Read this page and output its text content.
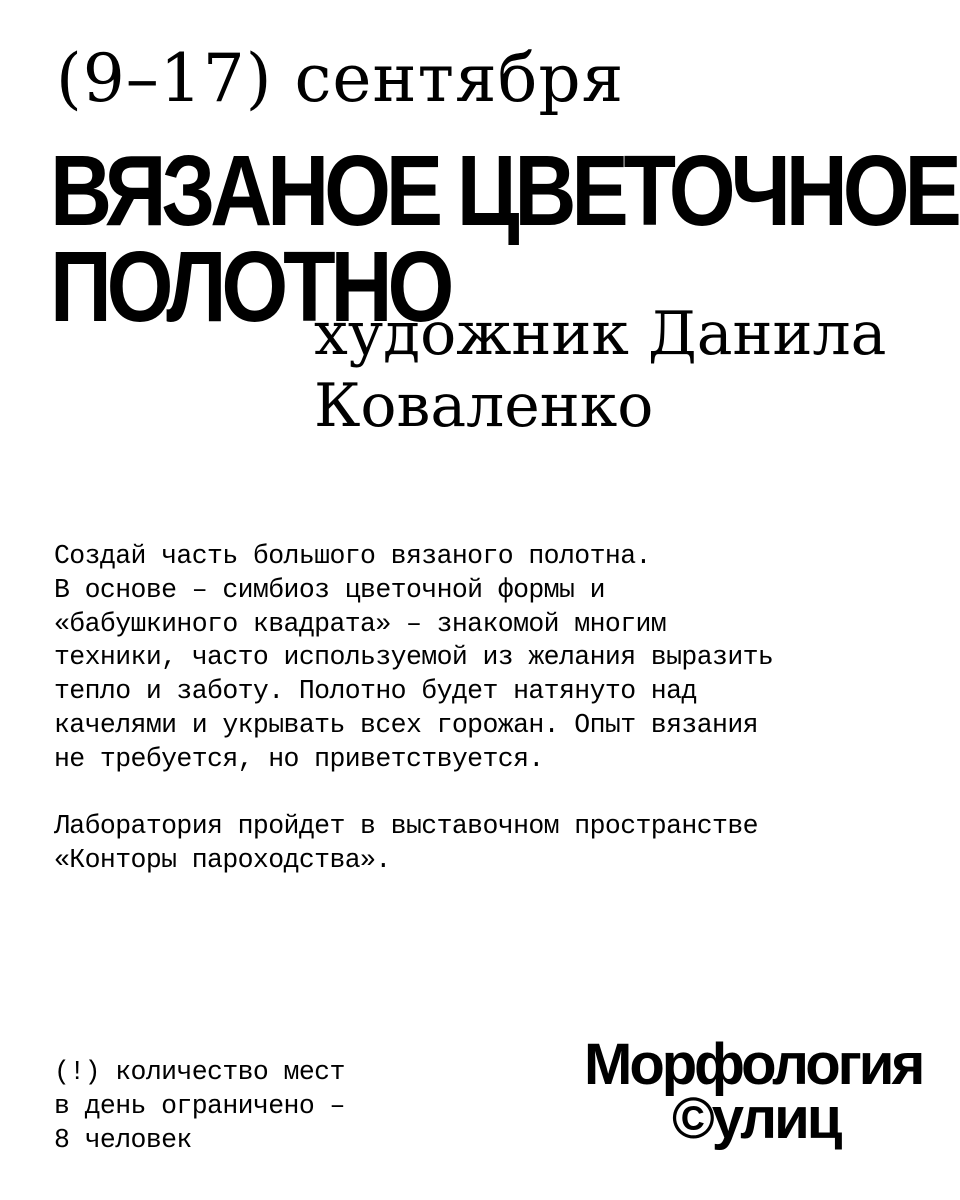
(9–17) сентября
ВЯЗАНОЕ ЦВЕТОЧНОЕ
ПОЛОТНО
художник Данила
Коваленко
Создай часть большого вязаного полотна.
В основе – симбиоз цветочной формы и
«бабушкиного квадрата» – знакомой многим
техники, часто используемой из желания выразить
тепло и заботу. Полотно будет натянуто над
качелями и укрывать всех горожан. Опыт вязания
не требуется, но приветствуется.
Лаборатория пройдет в выставочном пространстве
«Конторы пароходства».
(!) количество мест
в день ограничено –
8 человек
Морфология
©улиц
